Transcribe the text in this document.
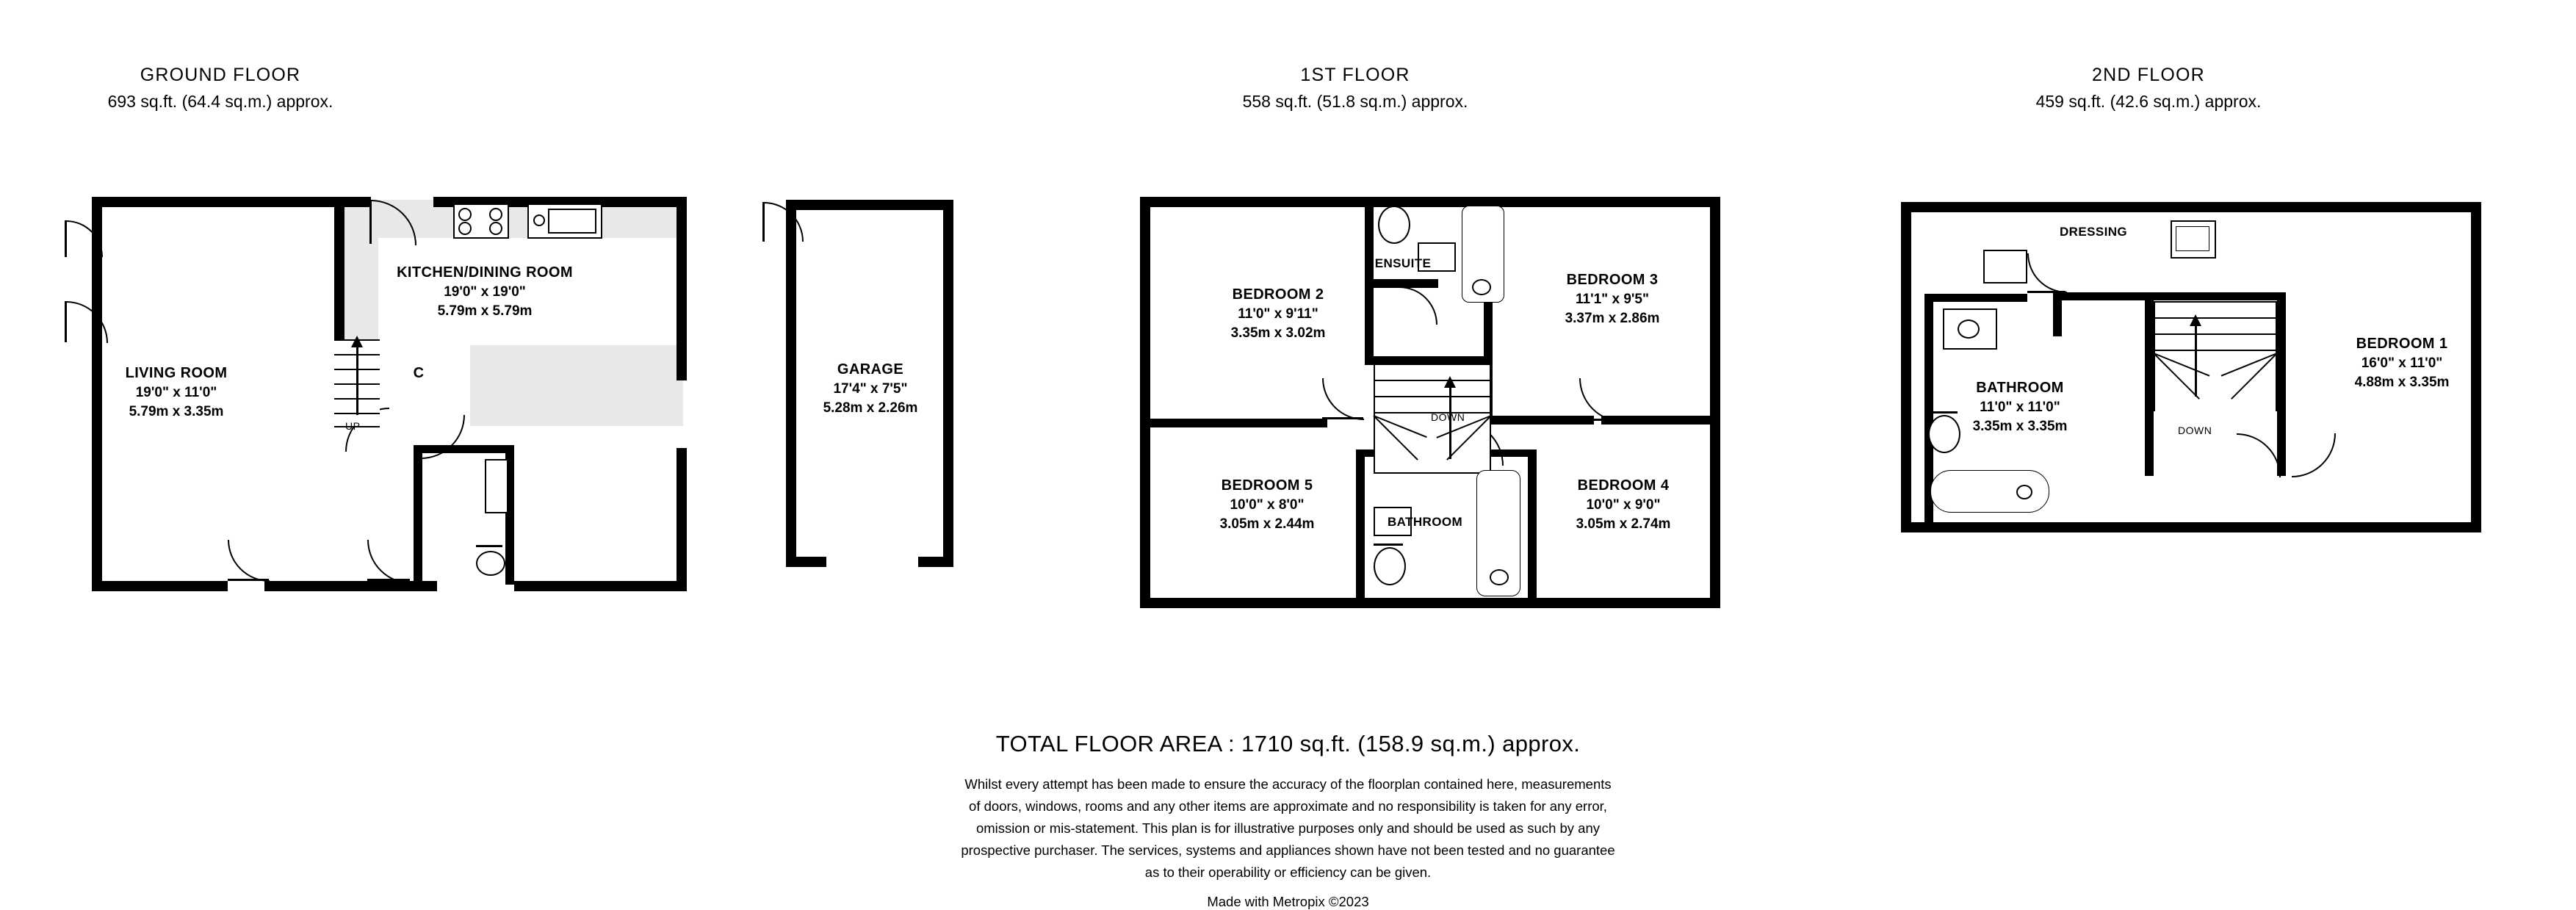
GROUND FLOOR
693 sq.ft. (64.4 sq.m.) approx.
1ST FLOOR
558 sq.ft. (51.8 sq.m.) approx.
2ND FLOOR
459 sq.ft. (42.6 sq.m.) approx.
C
UP
KITCHEN/DINING ROOM
19'0" x 19'0"
5.79m x 5.79m
LIVING ROOM
19'0" x 11'0"
5.79m x 3.35m
GARAGE
17'4" x 7'5"
5.28m x 2.26m
DOWN
BEDROOM 2
11'0" x 9'11"
3.35m x 3.02m
ENSUITE
BEDROOM 3
11'1" x 9'5"
3.37m x 2.86m
BEDROOM 5
10'0" x 8'0"
3.05m x 2.44m	BATHROOM
BEDROOM 4
10'0" x 9'0"
3.05m x 2.74m
DOWN
DRESSING
BATHROOM
11'0" x 11'0"
3.35m x 3.35m
BEDROOM 1
16'0" x 11'0"
4.88m x 3.35m
TOTAL FLOOR AREA : 1710 sq.ft. (158.9 sq.m.) approx.
Whilst every attempt has been made to ensure the accuracy of the floorplan contained here, measurements
of doors, windows, rooms and any other items are approximate and no responsibility is taken for any error,
omission or mis-statement. This plan is for illustrative purposes only and should be used as such by any
prospective purchaser. The services, systems and appliances shown have not been tested and no guarantee
as to their operability or efficiency can be given.
Made with Metropix ©2023
